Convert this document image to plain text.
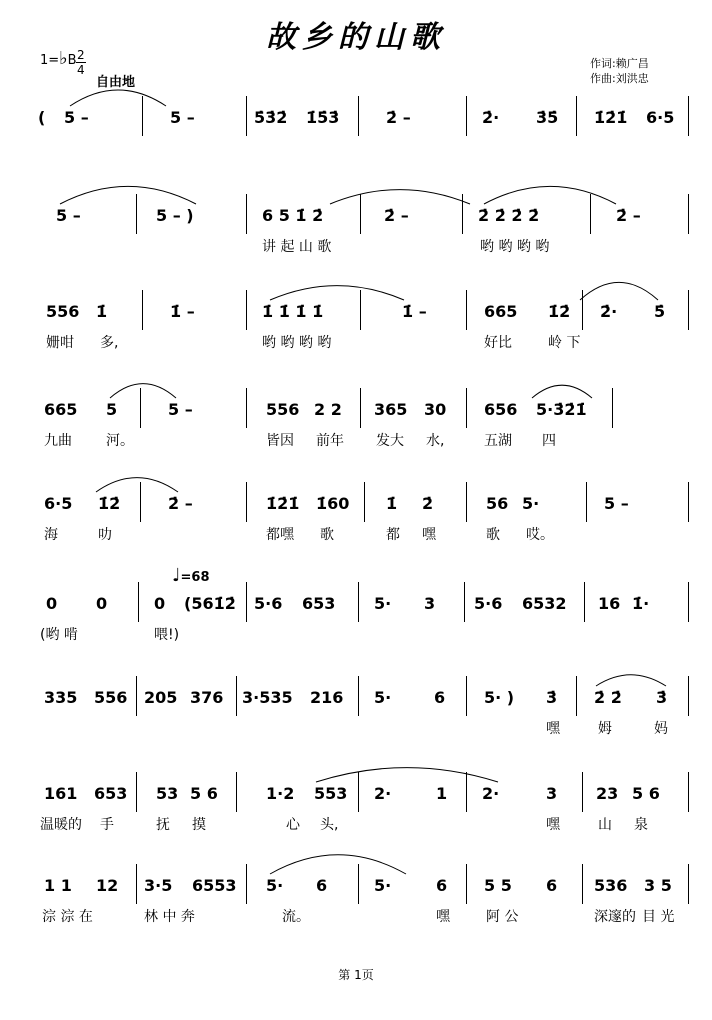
故乡的山歌
作词:赖广昌
作曲:刘洪忠
1=♭B 2
4
自由地
♩=68
( 5 –	5 –	5̇3̇2̇ 1̇5̇3̇	2̇ –	2̇· 3̇5̇ 1̇2̇1̇ 6·5
5 –	5 – )	6 5 1̇ 2̇	2̇ –	2̇ 2̇ 2̇ 2̇	2̇ –
讲 起 山 歌	哟 哟 哟 哟
556 1̇	1̇ –	1̇ 1̇ 1̇ 1̇	1̇ –	665 1̇2̇ 2̇· 5̇
姗咁 多,	哟 哟 哟 哟	好比	岭 下
665 5	5 –	556 2 2 365 30 656 5·3̇2̇1̇
九曲 河。	皆因 前年 发大 水,	五湖 四
6·5 1̇2̇	2̇ –	1̇2̇1̇ 1̇60 1̇ 2̇	56 5·	5 –
海	叻	都嘿 歌	都 嘿	歌 哎。
0 0	0 (561̇2̇ 5·6 653 5· 3 5·6 6532 16 1̇·
(哟 啃	喂!)
335 556 205 376 3·535 216 5·	6 5· ) 3̇ 2̇ 2̇ 3̇
嘿	姆	妈
161 653 53 5 6	1·2 553 2·	1 2·	3 23 5 6
温暖的 手	抚 摸	心 头,	嘿	山 泉
1 1 12 3·5 6553 5· 6	5·	6 5 5 6 536 3 5
淙 淙 在	林 中 奔	流。	嘿	阿 公	深邃的 目 光
第 1页
